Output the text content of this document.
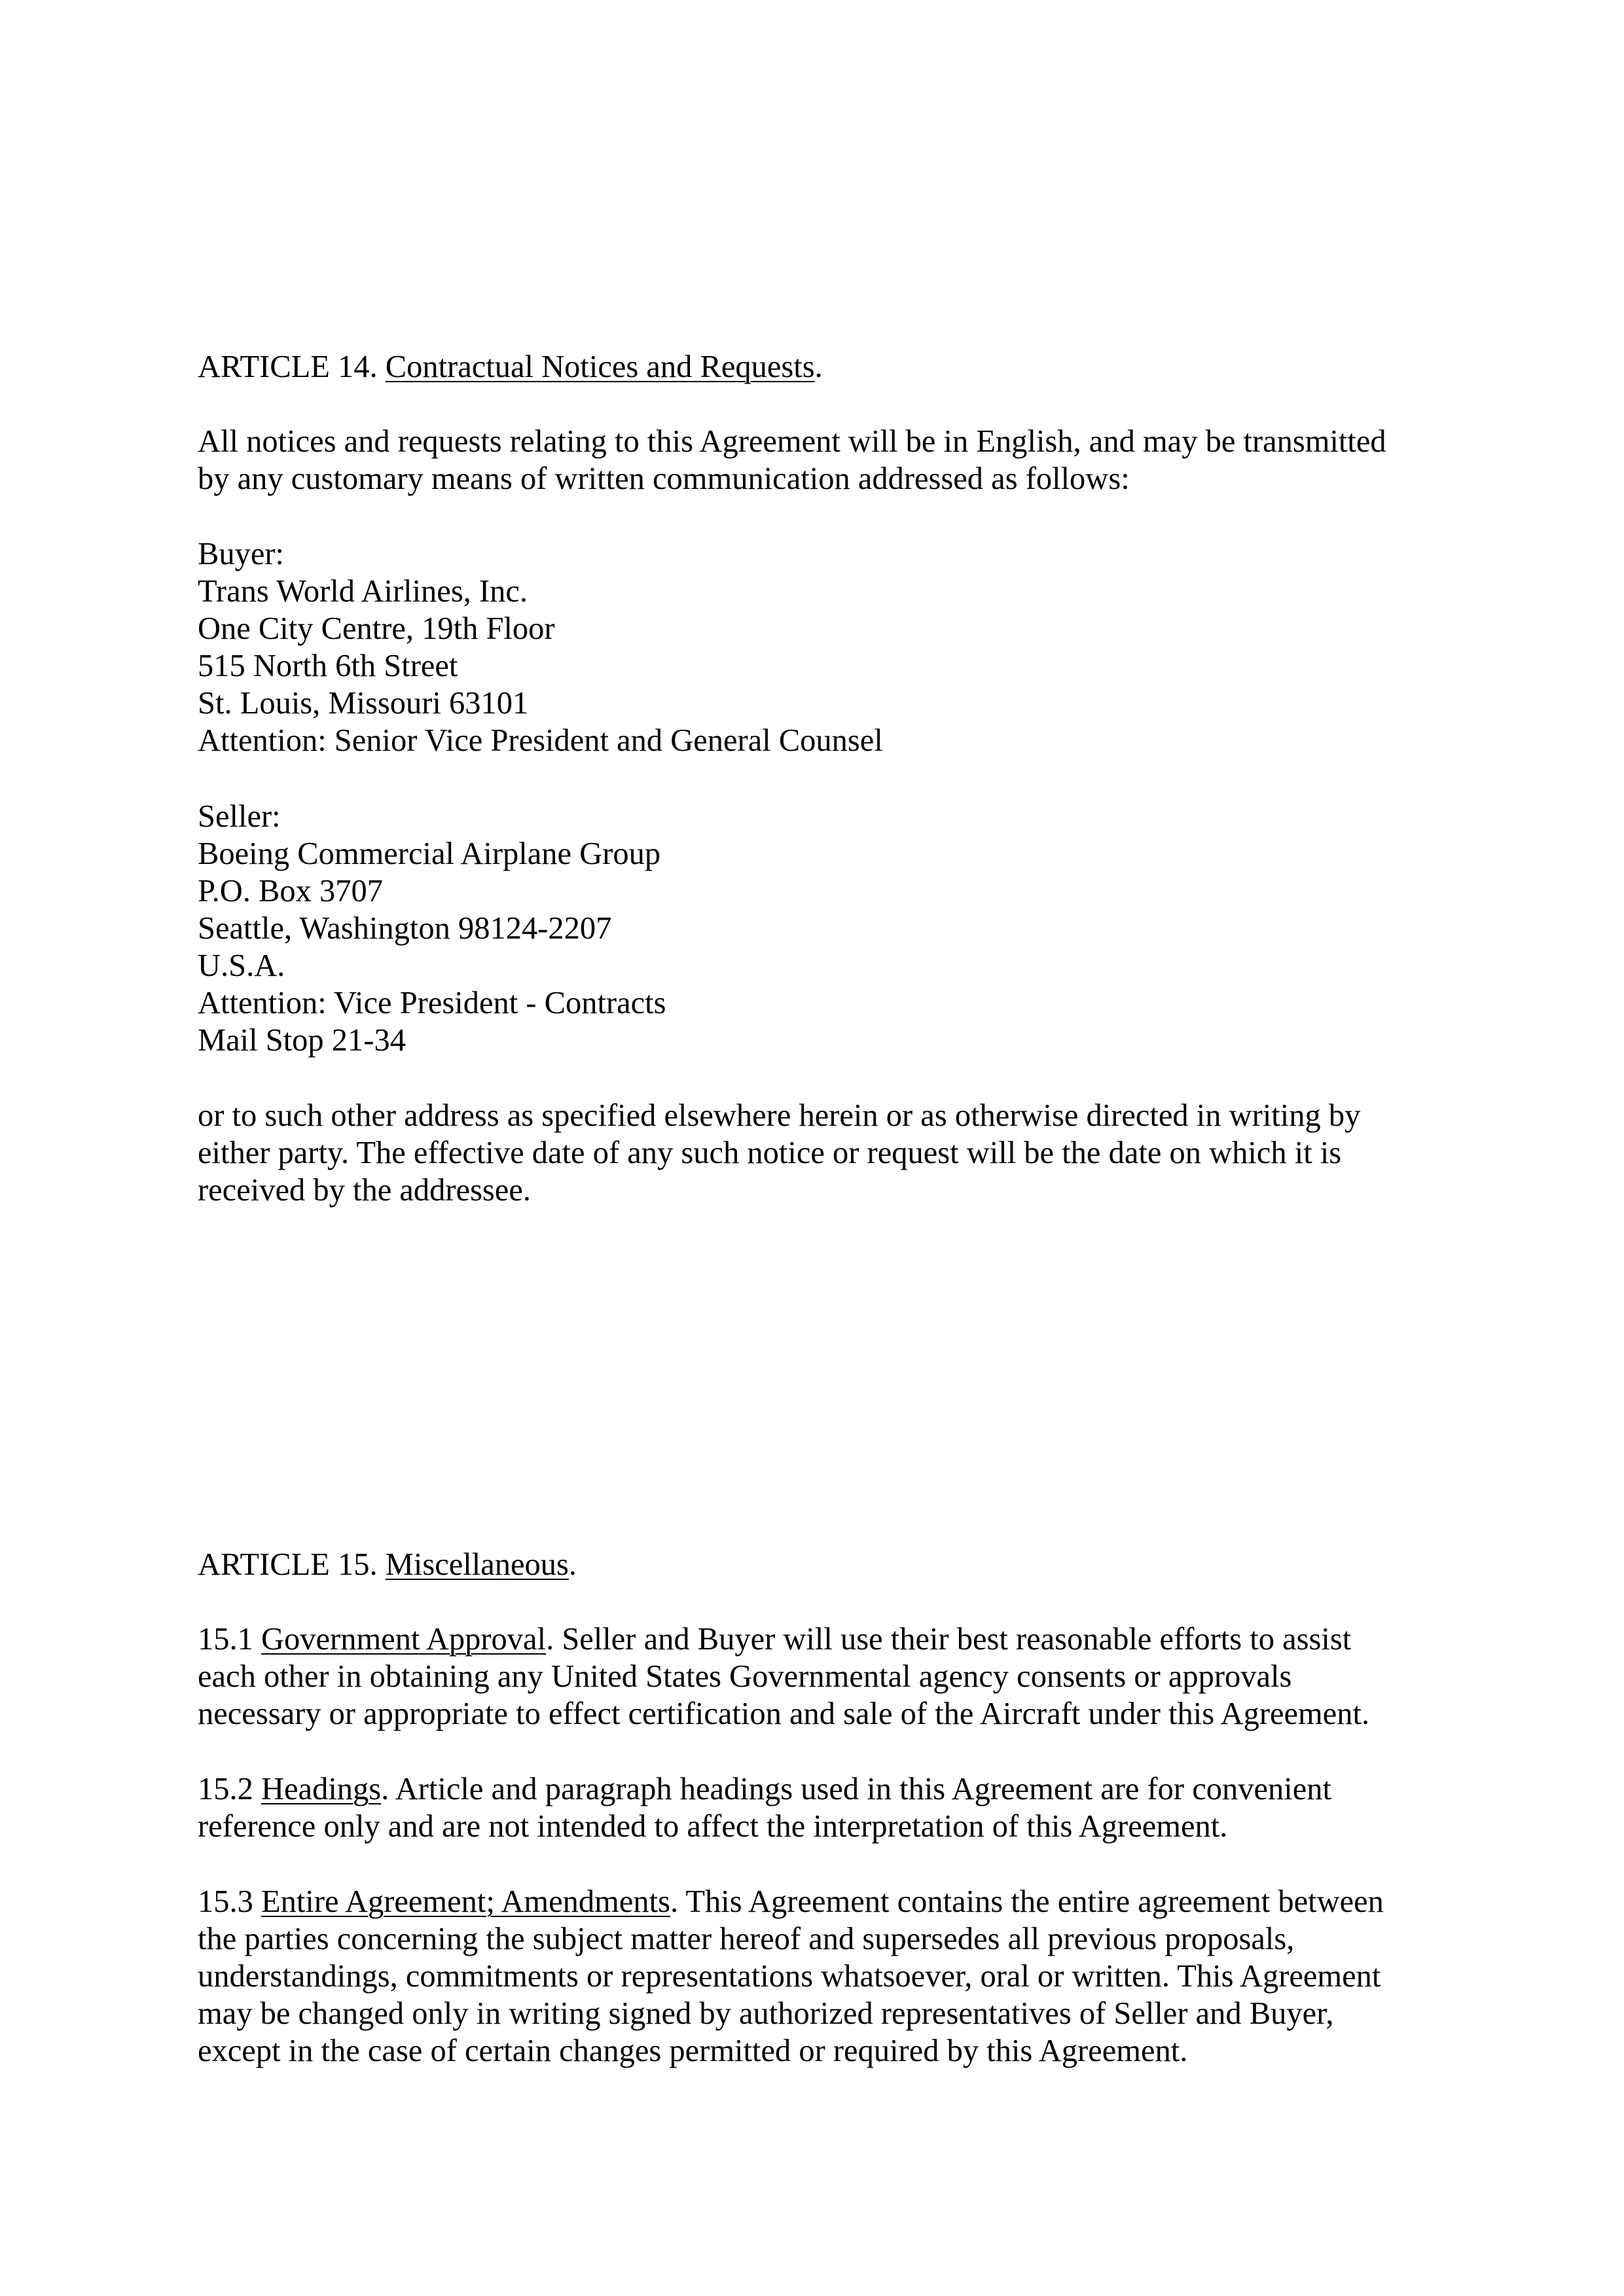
ARTICLE 14. Contractual Notices and Requests.
All notices and requests relating to this Agreement will be in English, and may be transmitted
by any customary means of written communication addressed as follows:
Buyer:
Trans World Airlines, Inc.
One City Centre, 19th Floor
515 North 6th Street
St. Louis, Missouri 63101
Attention: Senior Vice President and General Counsel
Seller:
Boeing Commercial Airplane Group
P.O. Box 3707
Seattle, Washington 98124-2207
U.S.A.
Attention: Vice President - Contracts
Mail Stop 21-34
or to such other address as specified elsewhere herein or as otherwise directed in writing by
either party. The effective date of any such notice or request will be the date on which it is
received by the addressee.
ARTICLE 15. Miscellaneous.
15.1 Government Approval. Seller and Buyer will use their best reasonable efforts to assist
each other in obtaining any United States Governmental agency consents or approvals
necessary or appropriate to effect certification and sale of the Aircraft under this Agreement.
15.2 Headings. Article and paragraph headings used in this Agreement are for convenient
reference only and are not intended to affect the interpretation of this Agreement.
15.3 Entire Agreement; Amendments. This Agreement contains the entire agreement between
the parties concerning the subject matter hereof and supersedes all previous proposals,
understandings, commitments or representations whatsoever, oral or written. This Agreement
may be changed only in writing signed by authorized representatives of Seller and Buyer,
except in the case of certain changes permitted or required by this Agreement.
